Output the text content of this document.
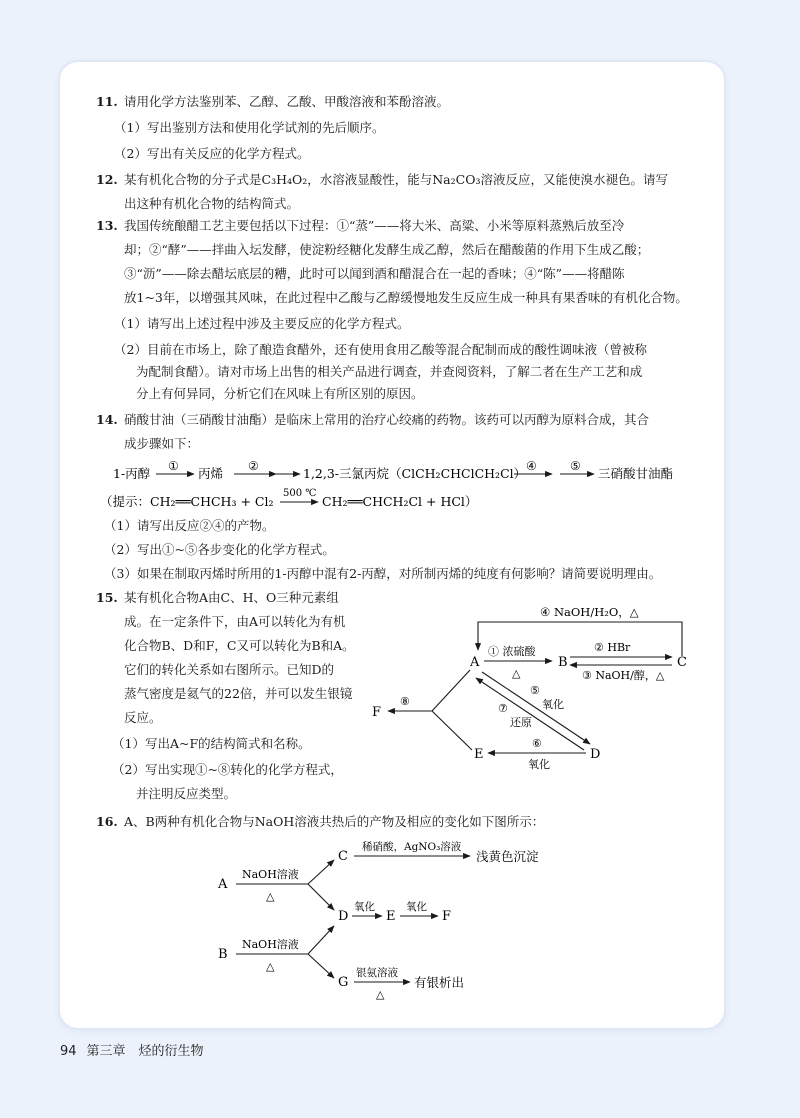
11. 请用化学方法鉴别苯、乙醇、乙酸、甲酸溶液和苯酚溶液。
（1）写出鉴别方法和使用化学试剂的先后顺序。
（2）写出有关反应的化学方程式。
12. 某有机化合物的分子式是C₃H₄O₂，水溶液显酸性，能与Na₂CO₃溶液反应，又能使溴水褪色。请写
出这种有机化合物的结构简式。
13. 我国传统酿醋工艺主要包括以下过程：①“蒸”——将大米、高粱、小米等原料蒸熟后放至冷
却；②“酵”——拌曲入坛发酵，使淀粉经糖化发酵生成乙醇，然后在醋酸菌的作用下生成乙酸；
③“沥”——除去醋坛底层的糟，此时可以闻到酒和醋混合在一起的香味；④“陈”——将醋陈
放1~3年，以增强其风味，在此过程中乙酸与乙醇缓慢地发生反应生成一种具有果香味的有机化合物。
（1）请写出上述过程中涉及主要反应的化学方程式。
（2）目前在市场上，除了酿造食醋外，还有使用食用乙酸等混合配制而成的酸性调味液（曾被称
为配制食醋）。请对市场上出售的相关产品进行调查，并查阅资料，了解二者在生产工艺和成
分上有何异同，分析它们在风味上有所区别的原因。
14. 硝酸甘油（三硝酸甘油酯）是临床上常用的治疗心绞痛的药物。该药可以丙醇为原料合成，其合
成步骤如下：
1-丙醇 ① 丙烯 ②	1,2,3-三氯丙烷（ClCH₂CHClCH₂Cl） ④	⑤ 三硝酸甘油酯
（提示：CH₂══CHCH₃ + Cl₂
500 ℃
CH₂══CHCH₂Cl + HCl）
（1）请写出反应②④的产物。
（2）写出①~⑤各步变化的化学方程式。
（3）如果在制取丙烯时所用的1-丙醇中混有2-丙醇，对所制丙烯的纯度有何影响？请简要说明理由。
15. 某有机化合物A由C、H、O三种元素组
成。在一定条件下，由A可以转化为有机
化合物B、D和F，C又可以转化为B和A。
它们的转化关系如右图所示。已知D的
蒸气密度是氦气的22倍，并可以发生银镜
反应。
（1）写出A~F的结构简式和名称。
（2）写出实现①~⑧转化的化学方程式，
并注明反应类型。
④ NaOH/H₂O，△
A	B	C
D
E
F
① 浓硫酸
△
② HBr
③ NaOH/醇，△
⑤
氧化
⑦
还原
⑥
氧化
⑧
16. A、B两种有机化合物与NaOH溶液共热后的产物及相应的变化如下图所示：
A
NaOH溶液
△
C
稀硝酸，AgNO₃溶液
浅黄色沉淀
D
氧化
E
氧化
F
B
NaOH溶液
△
G
银氨溶液
△
有银析出
94 第三章　烃的衍生物
